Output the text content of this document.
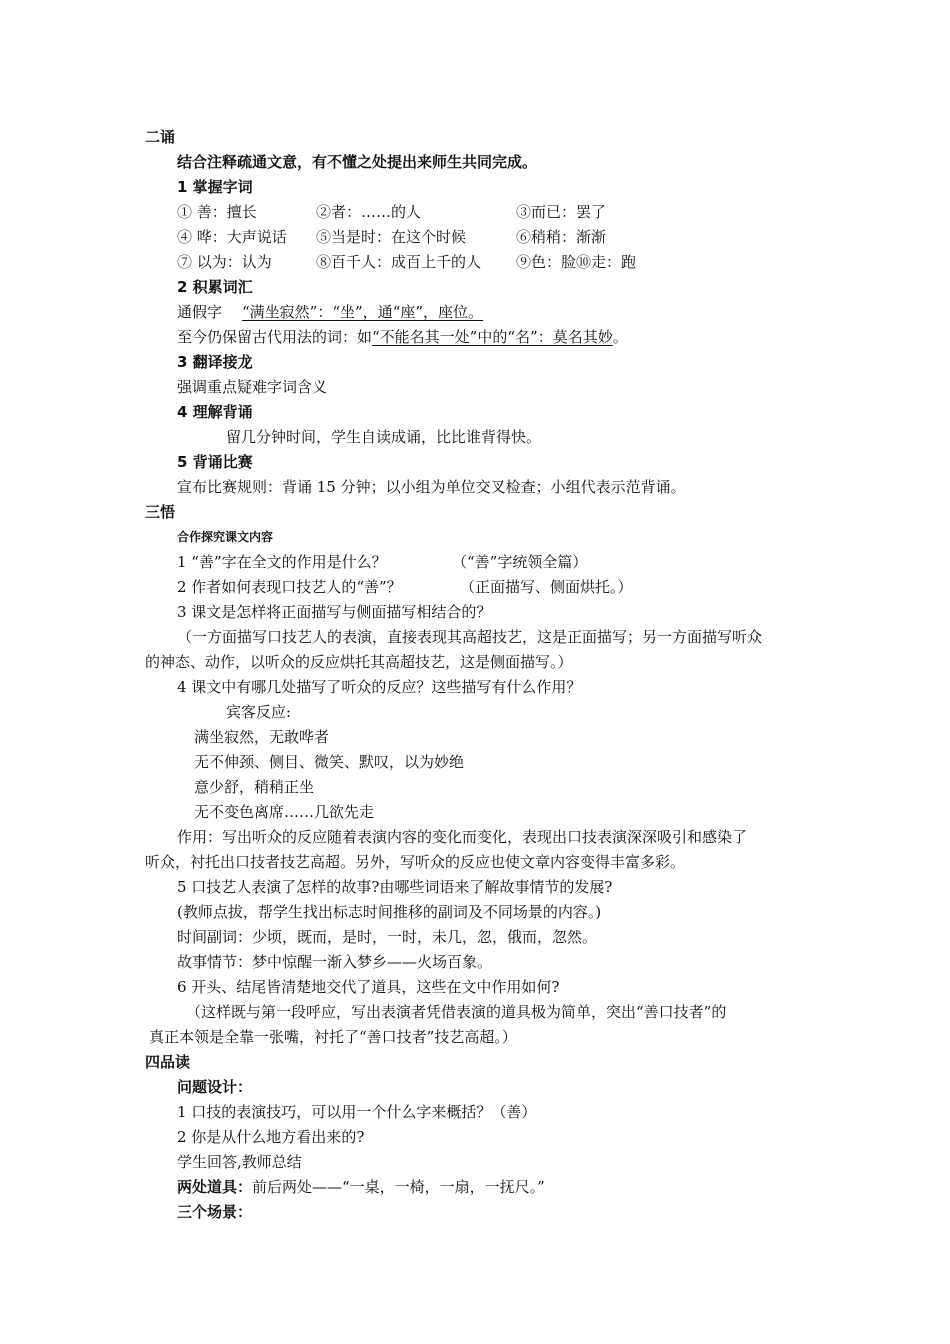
二诵
结合注释疏通文意，有不懂之处提出来师生共同完成。
1 掌握字词
① 善：擅长	②者：……的人	③而已：罢了
④ 哗：大声说话 ⑤当是时：在这个时候	⑥稍稍：渐渐
⑦ 以为：认为	⑧百千人：成百上千的人 ⑨色：脸⑩走：跑
2 积累词汇
通假字 “满坐寂然”：“坐”，通“座”，座位。
至今仍保留古代用法的词：如“不能名其一处”中的“名”：莫名其妙。
3 翻译接龙
强调重点疑难字词含义
4 理解背诵
留几分钟时间，学生自读成诵，比比谁背得快。
5 背诵比赛
宣布比赛规则：背诵 15 分钟；以小组为单位交叉检查；小组代表示范背诵。
三悟
合作探究课文内容
1 “善”字在全文的作用是什么？	（“善”字统领全篇）
2 作者如何表现口技艺人的“善”？	（正面描写、侧面烘托。）
3 课文是怎样将正面描写与侧面描写相结合的？
（一方面描写口技艺人的表演，直接表现其高超技艺，这是正面描写；另一方面描写听众
的神态、动作，以听众的反应烘托其高超技艺，这是侧面描写。）
4 课文中有哪几处描写了听众的反应？这些描写有什么作用？
宾客反应:
满坐寂然，无敢哗者
无不伸颈、侧目、微笑、默叹，以为妙绝
意少舒，稍稍正坐
无不变色离席……几欲先走
作用：写出听众的反应随着表演内容的变化而变化，表现出口技表演深深吸引和感染了
听众，衬托出口技者技艺高超。另外，写听众的反应也使文章内容变得丰富多彩。
5 口技艺人表演了怎样的故事?由哪些词语来了解故事情节的发展?
(教师点拔，帮学生找出标志时间推移的副词及不同场景的内容。)
时间副词：少顷，既而，是时，一时，未几，忽，俄而，忽然。
故事情节：梦中惊醒一渐入梦乡——火场百象。
6 开头、结尾皆清楚地交代了道具，这些在文中作用如何?
（这样既与第一段呼应，写出表演者凭借表演的道具极为简单，突出“善口技者”的
真正本领是全靠一张嘴，衬托了“善口技者”技艺高超。）
四品读
问题设计：
1 口技的表演技巧，可以用一个什么字来概括？（善）
2 你是从什么地方看出来的?
学生回答,教师总结
两处道具：前后两处——“一桌，一椅，一扇，一抚尺。”
三个场景：
